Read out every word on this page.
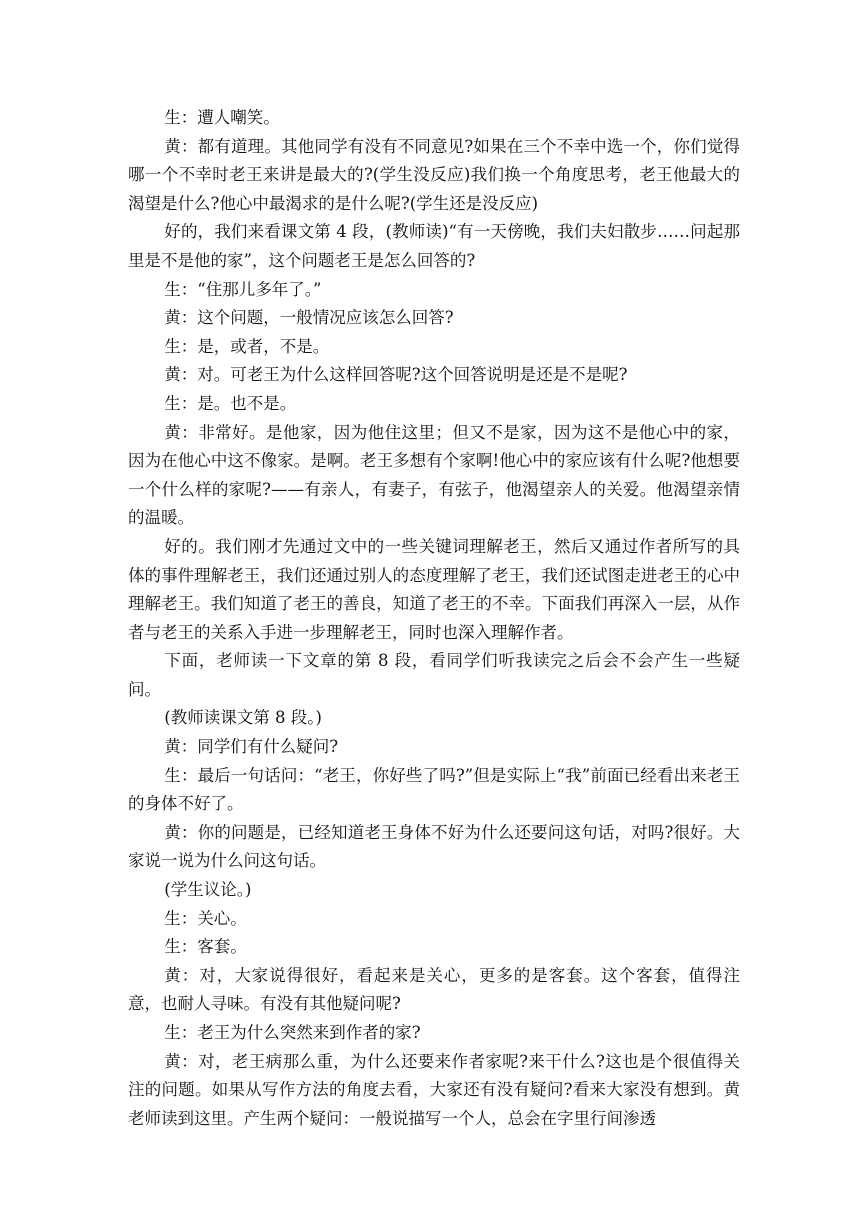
生：遭人嘲笑。

黄：都有道理。其他同学有没有不同意见?如果在三个不幸中选一个，你们觉得哪一个不幸时老王来讲是最大的?(学生没反应)我们换一个角度思考，老王他最大的渴望是什么?他心中最渴求的是什么呢?(学生还是没反应)

好的，我们来看课文第 4 段，(教师读)“有一天傍晚，我们夫妇散步……问起那里是不是他的家”，这个问题老王是怎么回答的?

生：“住那儿多年了。”

黄：这个问题，一般情况应该怎么回答?

生：是，或者，不是。

黄：对。可老王为什么这样回答呢?这个回答说明是还是不是呢?

生：是。也不是。

黄：非常好。是他家，因为他住这里；但又不是家，因为这不是他心中的家，因为在他心中这不像家。是啊。老王多想有个家啊!他心中的家应该有什么呢?他想要一个什么样的家呢?——有亲人，有妻子，有弦子，他渴望亲人的关爱。他渴望亲情的温暖。

好的。我们刚才先通过文中的一些关键词理解老王，然后又通过作者所写的具体的事件理解老王，我们还通过别人的态度理解了老王，我们还试图走进老王的心中理解老王。我们知道了老王的善良，知道了老王的不幸。下面我们再深入一层，从作者与老王的关系入手进一步理解老王，同时也深入理解作者。

下面，老师读一下文章的第 8 段，看同学们听我读完之后会不会产生一些疑问。

(教师读课文第 8 段。)

黄：同学们有什么疑问?

生：最后一句话问：“老王，你好些了吗?”但是实际上“我”前面已经看出来老王的身体不好了。

黄：你的问题是，已经知道老王身体不好为什么还要问这句话，对吗?很好。大家说一说为什么问这句话。

(学生议论。)

生：关心。

生：客套。

黄：对，大家说得很好，看起来是关心，更多的是客套。这个客套，值得注意，也耐人寻味。有没有其他疑问呢?

生：老王为什么突然来到作者的家?

黄：对，老王病那么重，为什么还要来作者家呢?来干什么?这也是个很值得关注的问题。如果从写作方法的角度去看，大家还有没有疑问?看来大家没有想到。黄老师读到这里。产生两个疑问：一般说描写一个人，总会在字里行间渗透
